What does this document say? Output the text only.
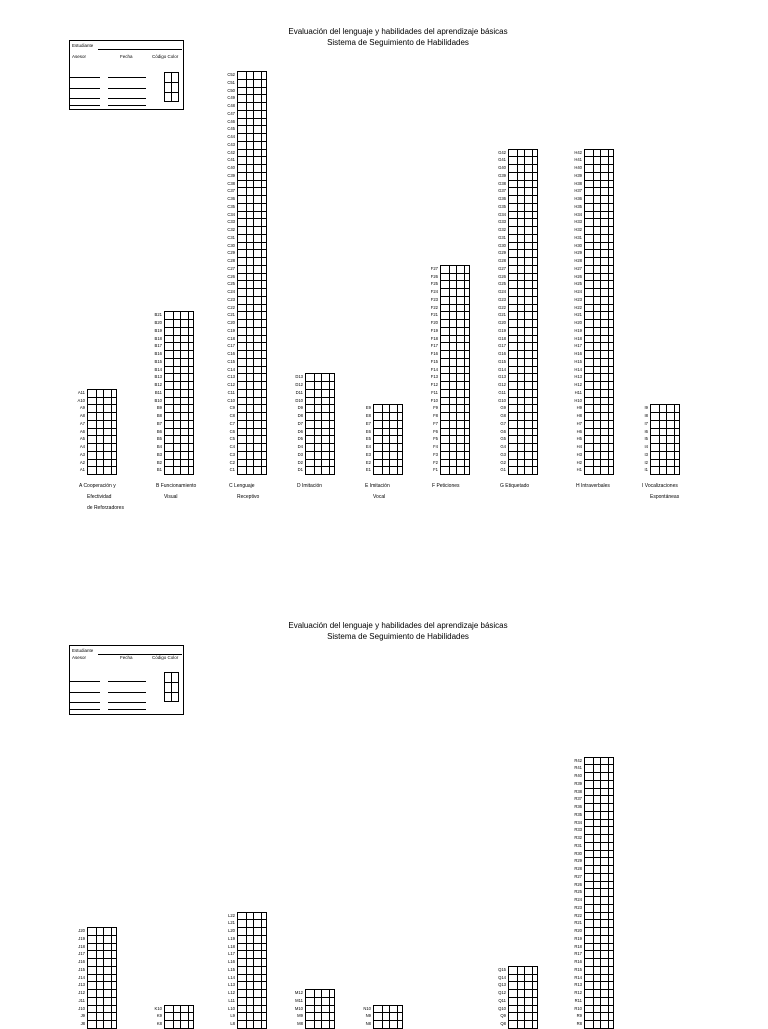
Evaluación del lenguaje y habilidades del aprendizaje básicas
Sistema de Seguimiento de Habilidades
Estudiante
Asesor	Fecha	Código Color
A1
A2
A3
A4
A5
A6
A7
A8
A9
A10
A11
A Cooperación y
Efectividad
de Reforzadores
B1
B2
B3
B4
B5
B6
B7
B8
B9
B10
B11
B12
B13
B14
B15
B16
B17
B18
B19
B20
B21
B Funcionamiento
Visual
C1
C2
C3
C4
C5
C6
C7
C8
C9
C10
C11
C12
C13
C14
C15
C16
C17
C18
C19
C20
C21
C22
C23
C24
C25
C26
C27
C28
C29
C30
C31
C32
C33
C34
C35
C36
C37
C38
C39
C40
C41
C42
C43
C44
C45
C46
C47
C48
C49
C50
C51
C52
C Lenguaje
Receptivo
D1
D2
D3
D4
D5
D6
D7
D8
D9
D10
D11
D12
D13
D Imitación
E1
E2
E3
E4
E5
E6
E7
E8
E9
E Imitación
Vocal
F1
F2
F3
F4
F5
F6
F7
F8
F9
F10
F11
F12
F13
F14
F15
F16
F17
F18
F19
F20
F21
F22
F23
F24
F25
F26
F27
F Peticiones
G1
G2
G3
G4
G5
G6
G7
G8
G9
G10
G11
G12
G13
G14
G15
G16
G17
G18
G19
G20
G21
G22
G23
G24
G25
G26
G27
G28
G29
G30
G31
G32
G33
G34
G35
G36
G37
G38
G39
G40
G41
G42
G Etiquetado
H1
H2
H3
H4
H5
H6
H7
H8
H9
H10
H11
H12
H13
H14
H15
H16
H17
H18
H19
H20
H21
H22
H23
H24
H25
H26
H27
H28
H29
H30
H31
H32
H33
H34
H35
H36
H37
H38
H39
H40
H41
H42
H Intraverbales
I1
I2
I3
I4
I5
I6
I7
I8
I9
I Vocalizaciones
Espontáneas
Evaluación del lenguaje y habilidades del aprendizaje básicas
Sistema de Seguimiento de Habilidades
Estudiante
Asesor	Fecha	Código Color
J8
J9
J10
J11
J12
J13
J14
J15
J16
J17
J18
J19
J20
K8
K9
K10
L8
L9
L10
L11
L12
L13
L14
L15
L16
L17
L18
L19
L20
L21
L22
M8
M9
M10
M11
M12
N8
N9
N10
Q8
Q9
Q10
Q11
Q12
Q13
Q14
Q15
R8
R9
R10
R11
R12
R13
R14
R15
R16
R17
R18
R19
R20
R21
R22
R23
R24
R25
R26
R27
R28
R29
R30
R31
R32
R33
R34
R35
R36
R37
R38
R39
R40
R41
R42
